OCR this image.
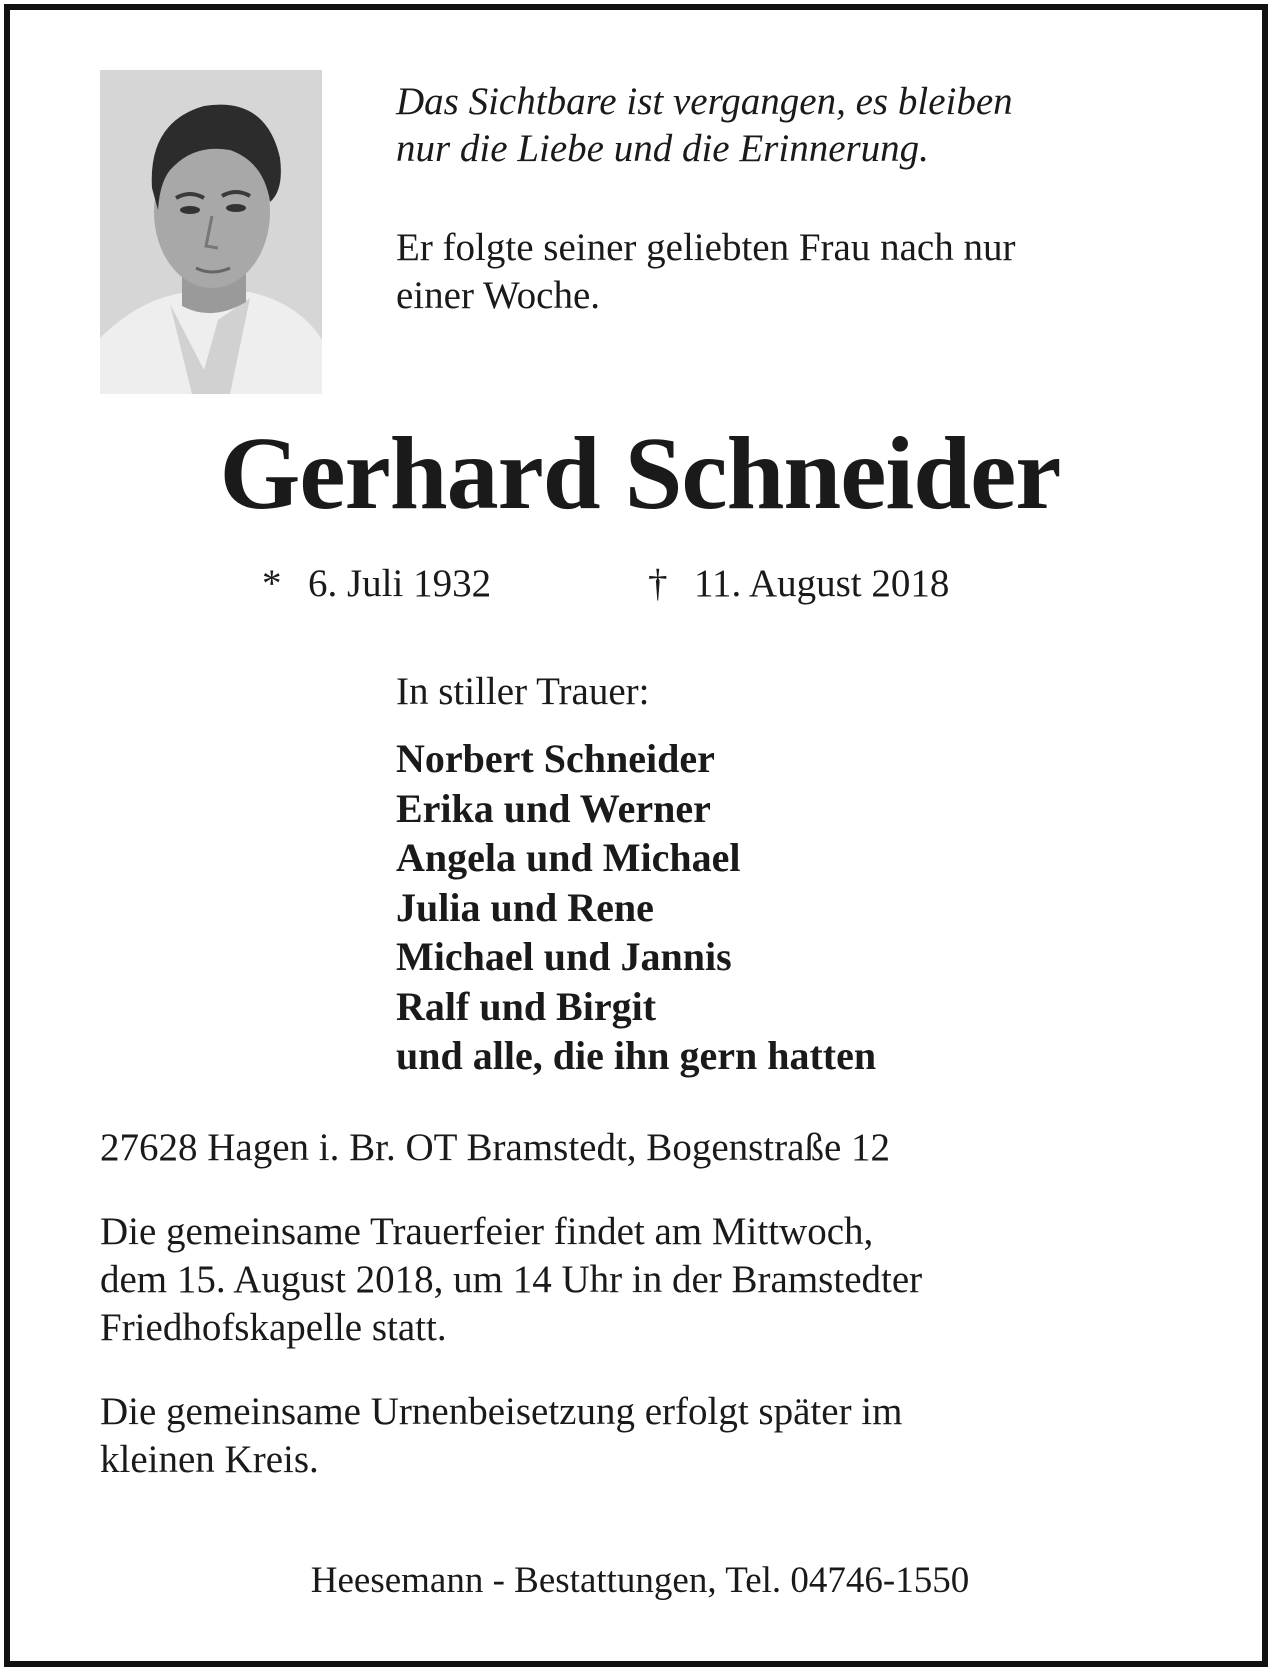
Das Sichtbare ist vergangen, es bleiben
nur die Liebe und die Erinnerung.

Er folgte seiner geliebten Frau nach nur
einer Woche.

Gerhard Schneider
* 6. Juli 1932	† 11. August 2018

In stiller Trauer:

Norbert Schneider
Erika und Werner
Angela und Michael
Julia und Rene
Michael und Jannis
Ralf und Birgit
und alle, die ihn gern hatten

27628 Hagen i. Br. OT Bramstedt, Bogenstraße 12

Die gemeinsame Trauerfeier findet am Mittwoch,
dem 15. August 2018, um 14 Uhr in der Bramstedter
Friedhofskapelle statt.

Die gemeinsame Urnenbeisetzung erfolgt später im
kleinen Kreis.

Heesemann - Bestattungen, Tel. 04746-1550
